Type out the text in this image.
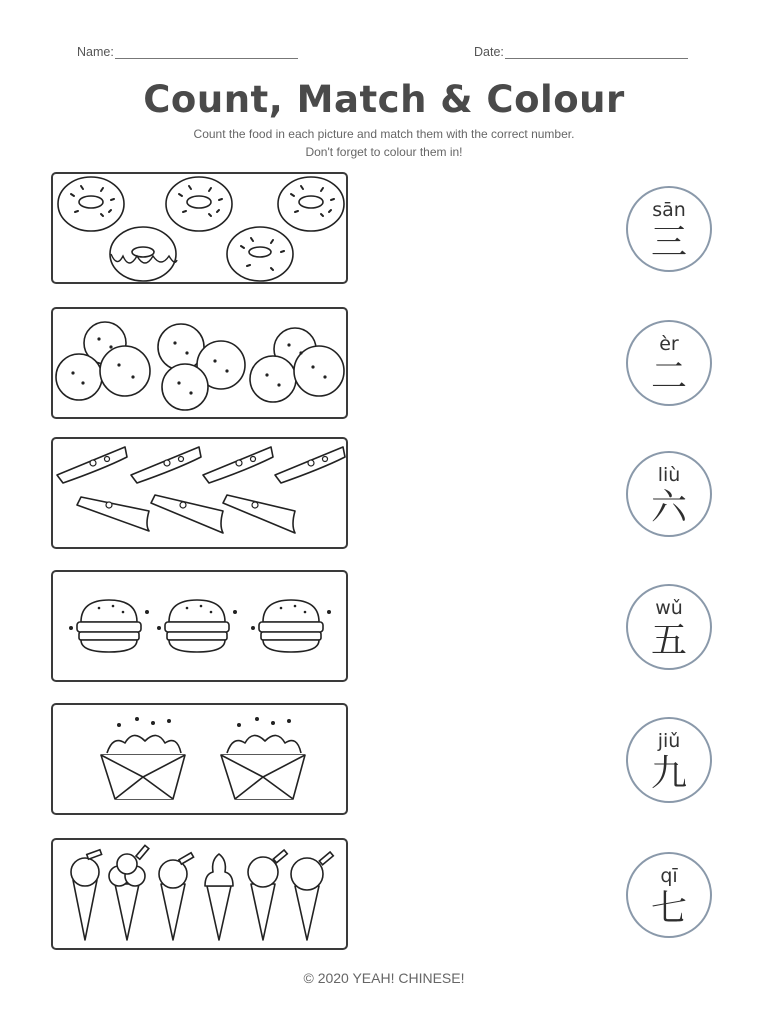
Name:	Date:
Count, Match & Colour
Count the food in each picture and match them with the correct number.
Don't forget to colour them in!
sān
三
èr
二
liù
六
wǔ
五
jiǔ
九
qī
七
© 2020 YEAH! CHINESE!
